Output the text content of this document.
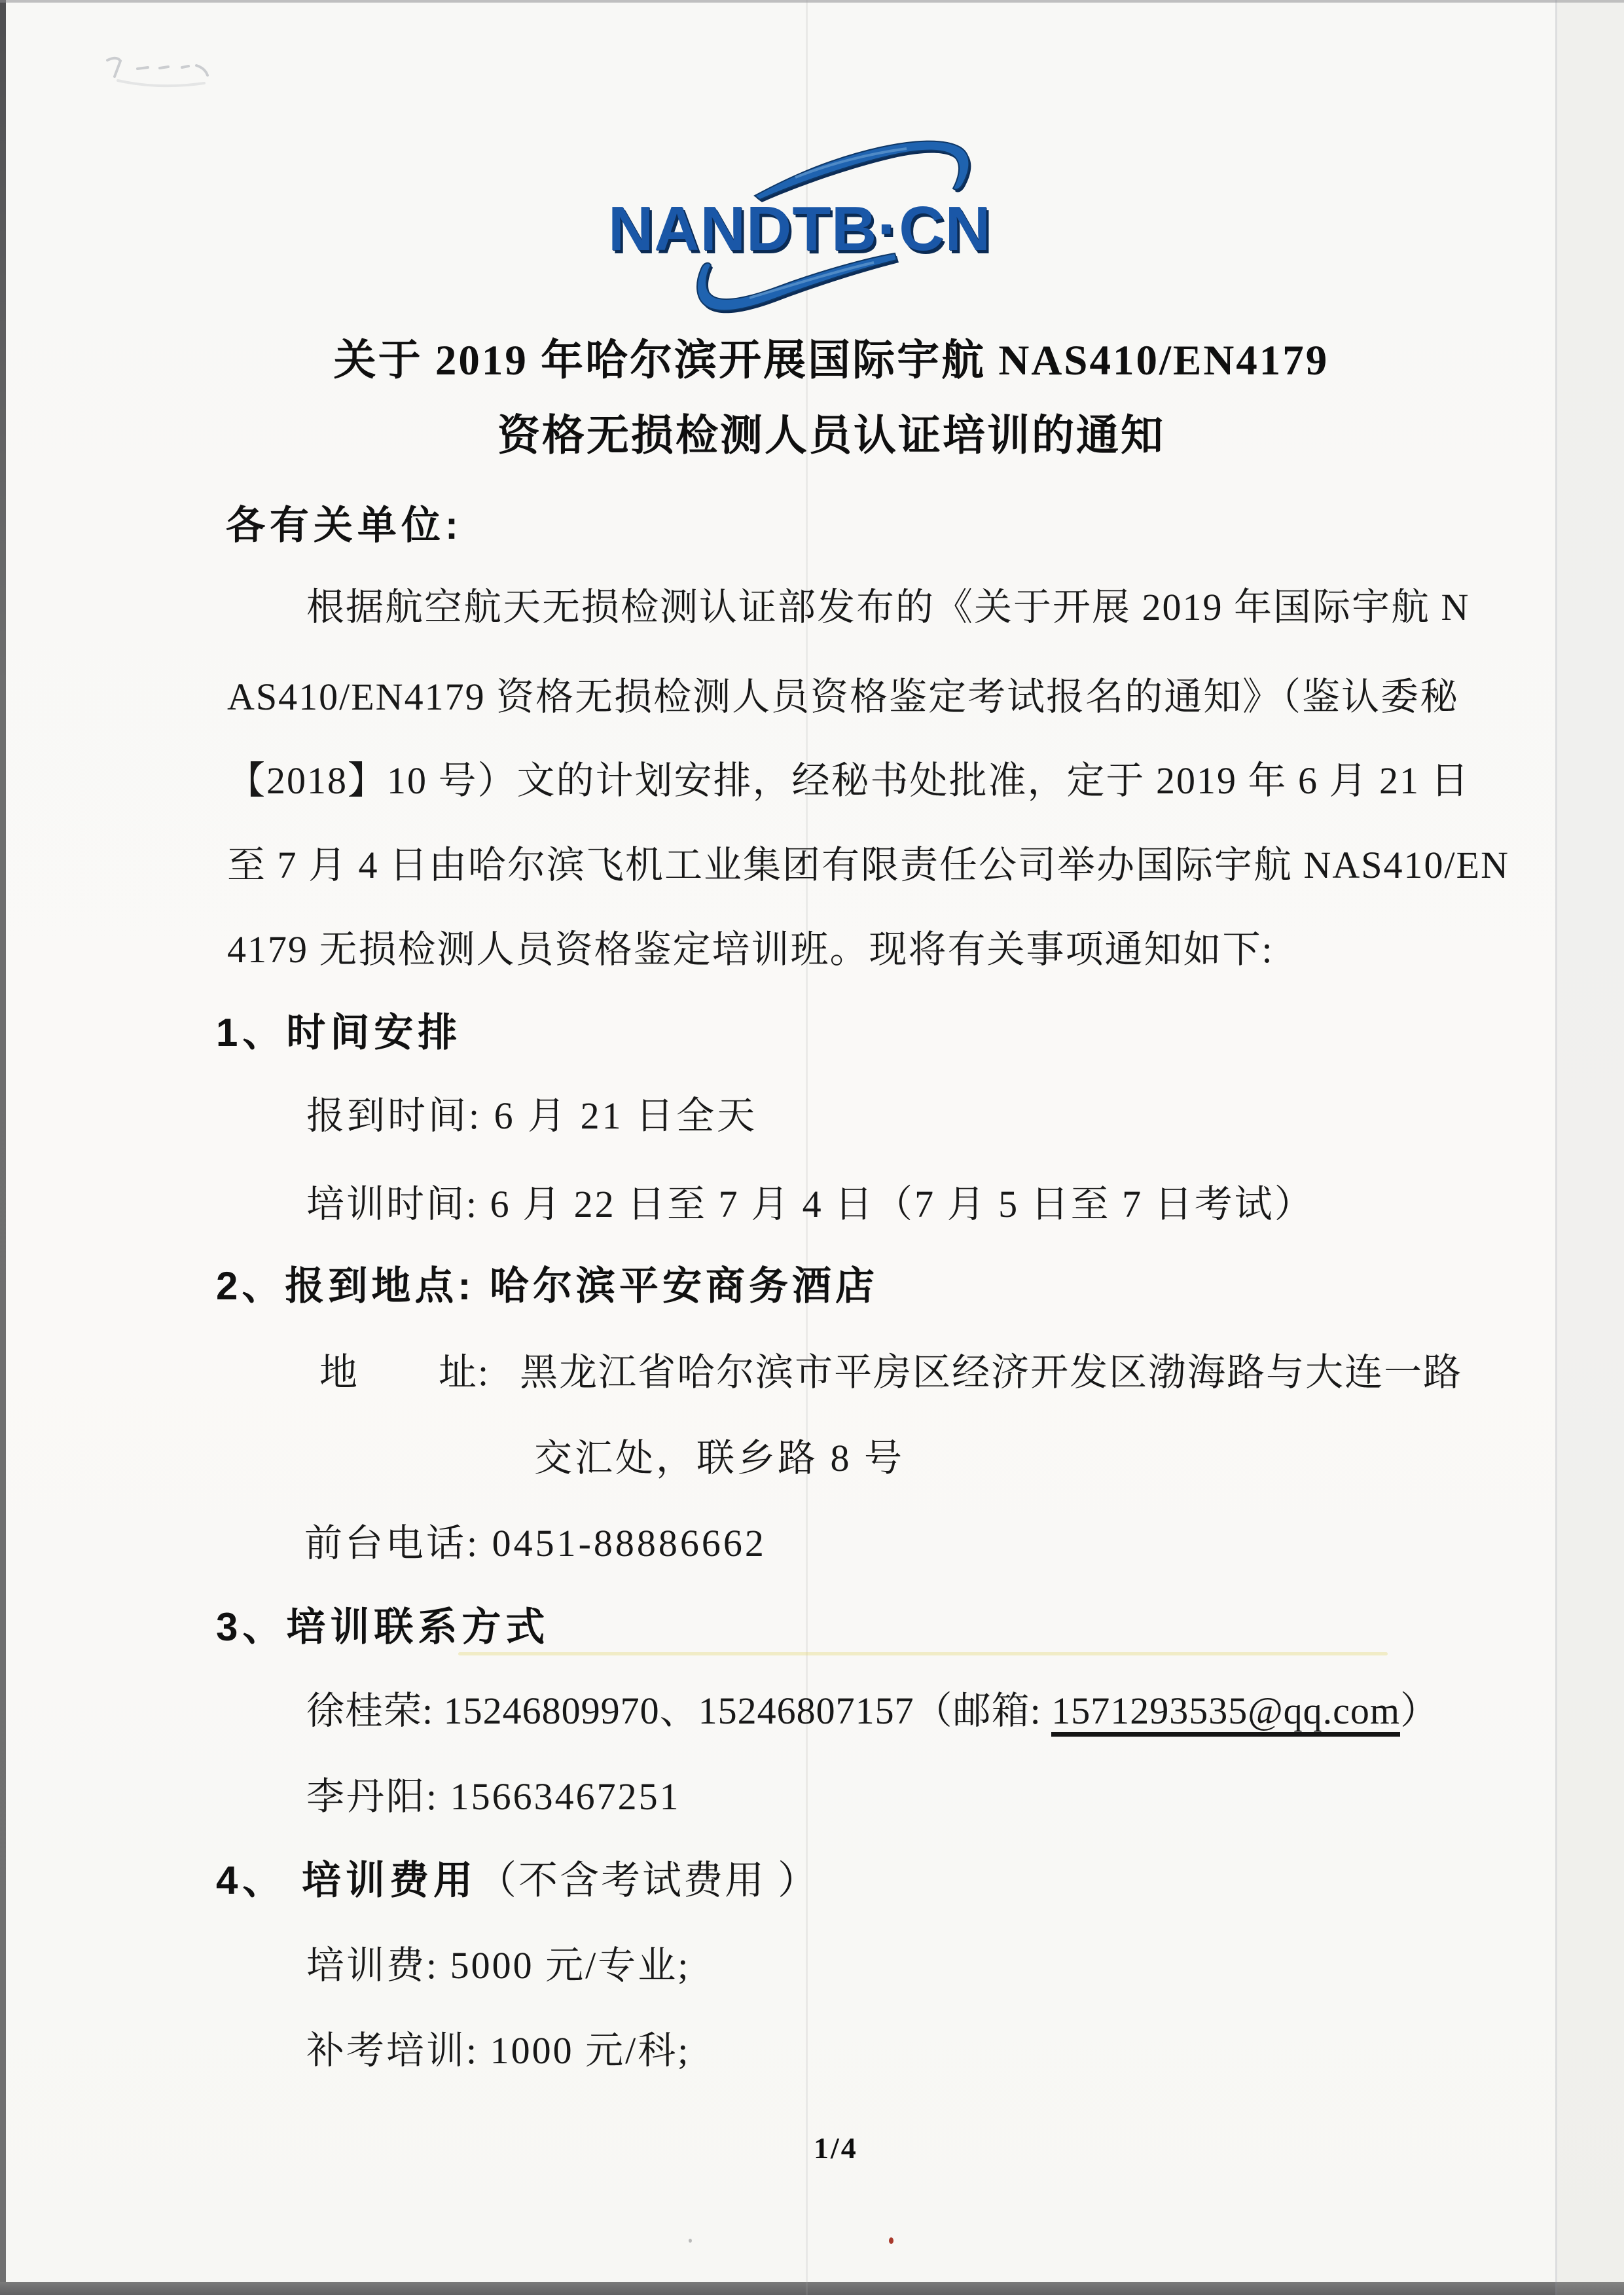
NANDTB·CN
关于 2019 年哈尔滨开展国际宇航 NAS410/EN4179
资格无损检测人员认证培训的通知
各有关单位:
根据航空航天无损检测认证部发布的《关于开展 2019 年国际宇航 N
AS410/EN4179 资格无损检测人员资格鉴定考试报名的通知》（鉴认委秘
【2018】10 号）文的计划安排，经秘书处批准，定于 2019 年 6 月 21 日
至 7 月 4 日由哈尔滨飞机工业集团有限责任公司举办国际宇航 NAS410/EN
4179 无损检测人员资格鉴定培训班。现将有关事项通知如下:
1、时间安排
报到时间: 6 月 21 日全天
培训时间: 6 月 22 日至 7 月 4 日（7 月 5 日至 7 日考试）
2、报到地点: 哈尔滨平安商务酒店
地 址: 黑龙江省哈尔滨市平房区经济开发区渤海路与大连一路
交汇处，联乡路 8 号
前台电话: 0451-88886662
3、培训联系方式
徐桂荣: 15246809970、15246807157（邮箱: 1571293535@qq.com）
李丹阳: 15663467251
4、 培训费用（不含考试费用 ）
培训费: 5000 元/专业;
补考培训: 1000 元/科;
1/4
